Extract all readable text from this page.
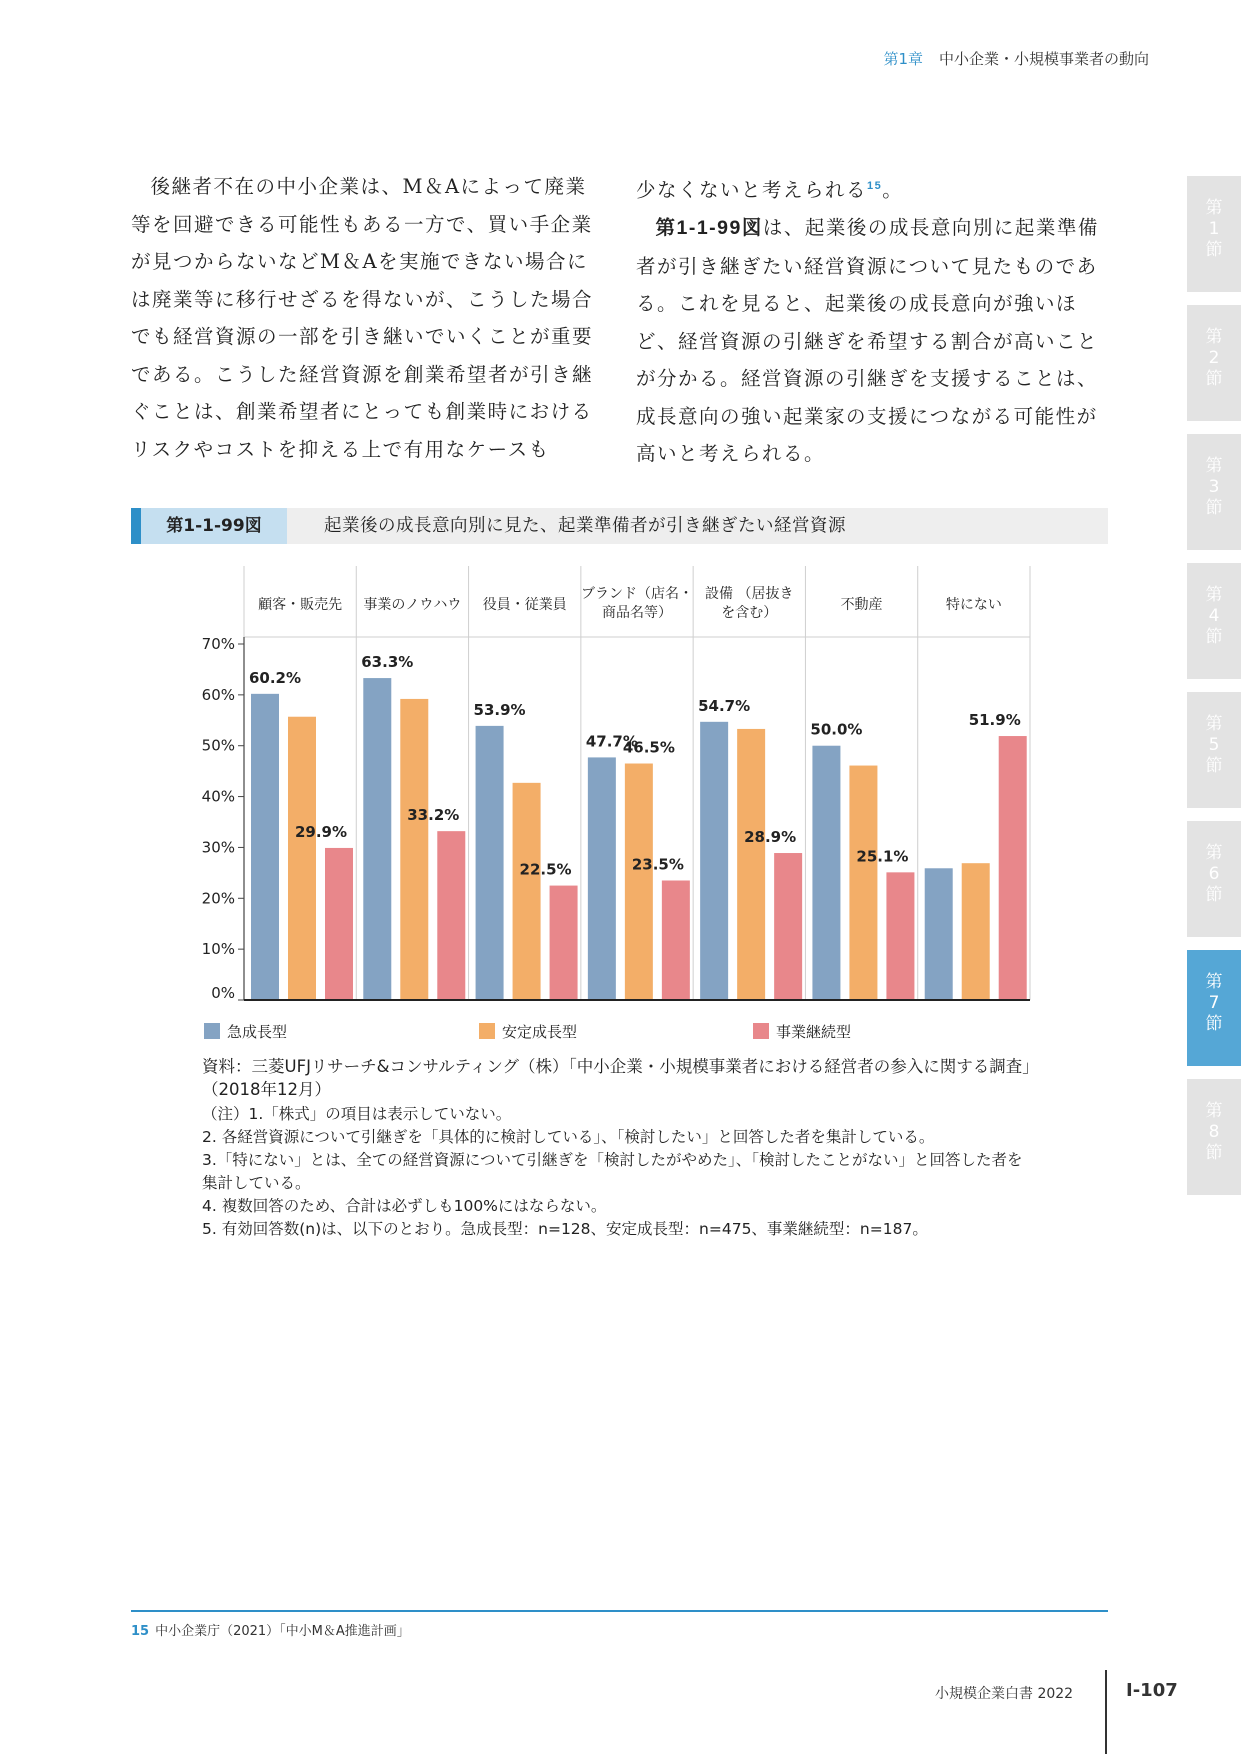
第1章 中小企業・小規模事業者の動向
第
1
節
第
2
節
第
3
節
第
4
節
第
5
節
第
6
節
第
7
節
第
8
節

後継者不在の中小企業は、M＆Aによって廃業等を回避できる可能性もある一方で、買い手企業が見つからないなどM＆Aを実施できない場合には廃業等に移行せざるを得ないが、こうした場合でも経営資源の一部を引き継いでいくことが重要である。こうした経営資源を創業希望者が引き継ぐことは、創業希望者にとっても創業時におけるリスクやコストを抑える上で有用なケースも

少なくないと考えられる$^{15}$。

第1-1-99図は、起業後の成長意向別に起業準備者が引き継ぎたい経営資源について見たものである。これを見ると、起業後の成長意向が強いほど、経営資源の引継ぎを希望する割合が高いことが分かる。経営資源の引継ぎを支援することは、成長意向の強い起業家の支援につながる可能性が高いと考えられる。

第1-1-99図	起業後の成長意向別に見た、起業準備者が引き継ぎたい経営資源
顧客・販売先 事業のノウハウ 役員・従業員
ブランド（店名・商品名等）
設備 （居抜きを含む）	不動産	特にない
0%
10%
20%
30%
40%
50%
60%
70%
60.2%
63.3%
53.9%
47.7%
54.7%
50.0%
46.5%
29.9%
33.2%
22.5%	23.5%
28.9%
25.1%
51.9%
急成長型	安定成長型	事業継続型
資料：三菱UFJリサーチ&コンサルティング（株）「中小企業・小規模事業者における経営者の参入に関する調査」（2018年12月）
（注）1.「株式」の項目は表示していない。
2. 各経営資源について引継ぎを「具体的に検討している」、「検討したい」と回答した者を集計している。
3.「特にない」とは、全ての経営資源について引継ぎを「検討したがやめた」、「検討したことがない」と回答した者を集計している。
4. 複数回答のため、合計は必ずしも100%にはならない。
5. 有効回答数(n)は、以下のとおり。急成長型：n=128、安定成長型：n=475、事業継続型：n=187。
15 中小企業庁（2021）「中小M＆A推進計画」
小規模企業白書 2022	Ⅰ-107
